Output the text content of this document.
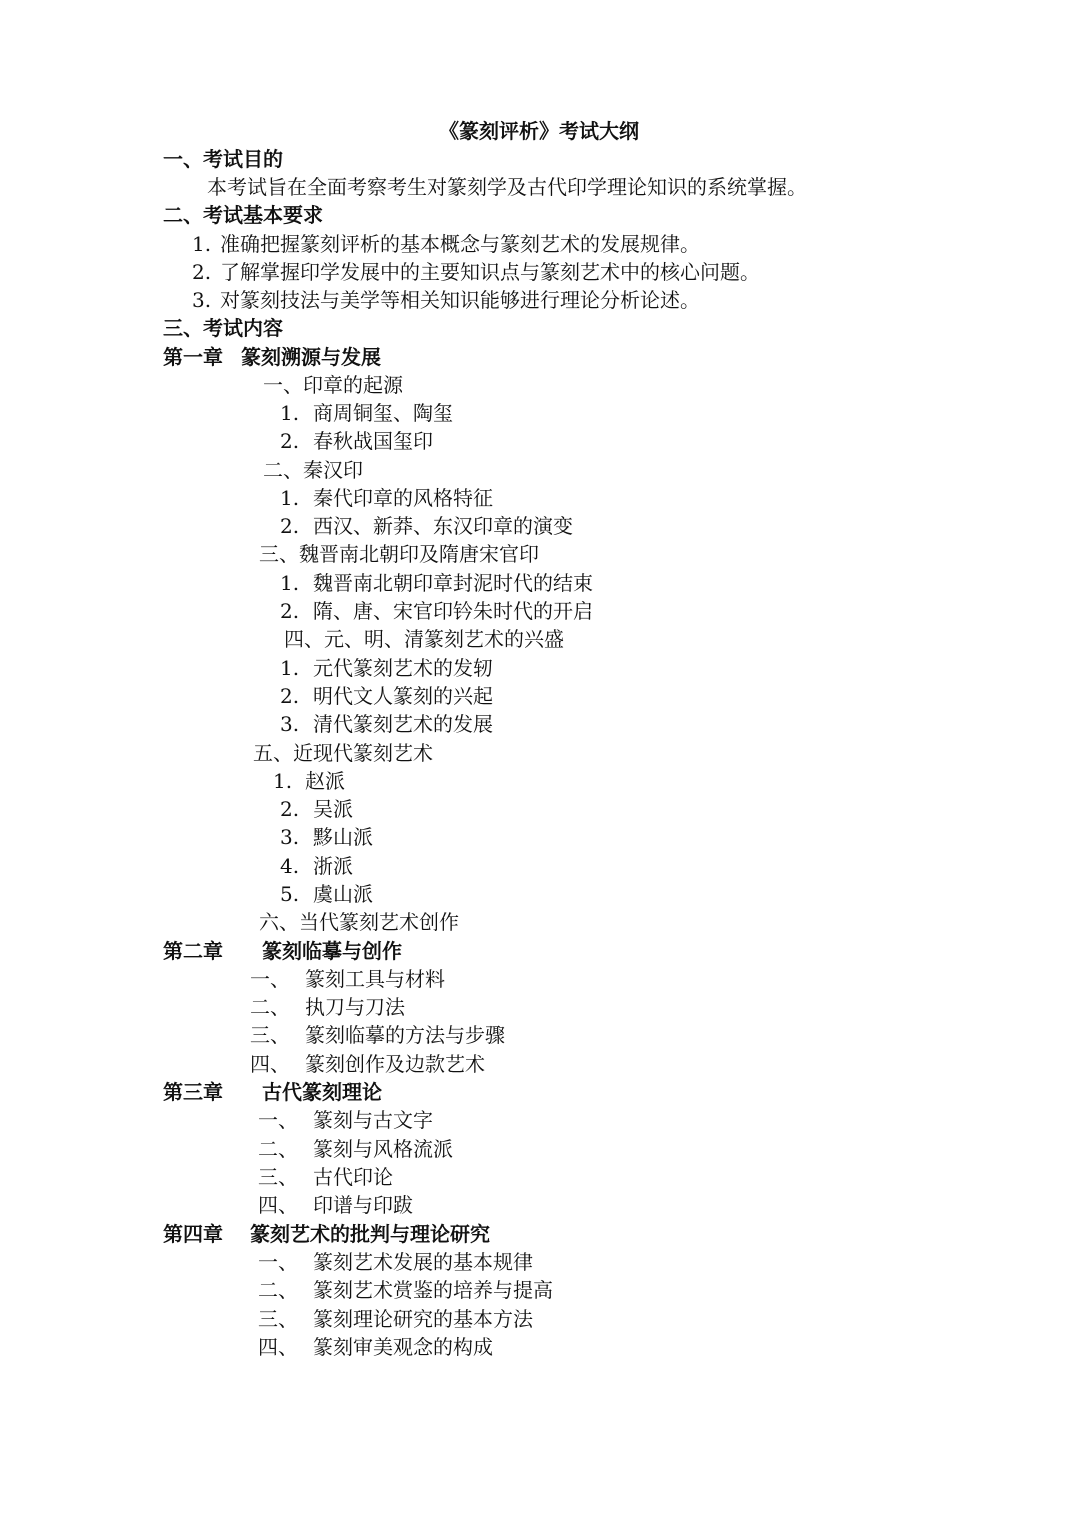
《篆刻评析》考试大纲
一、考试目的
本考试旨在全面考察考生对篆刻学及古代印学理论知识的系统掌握。
二、考试基本要求
1. 准确把握篆刻评析的基本概念与篆刻艺术的发展规律。
2. 了解掌握印学发展中的主要知识点与篆刻艺术中的核心问题。
3. 对篆刻技法与美学等相关知识能够进行理论分析论述。
三、考试内容
第一章 篆刻溯源与发展
一、印章的起源
1. 商周铜玺、陶玺
2. 春秋战国玺印
二、秦汉印
1. 秦代印章的风格特征
2. 西汉、新莽、东汉印章的演变
三、魏晋南北朝印及隋唐宋官印
1. 魏晋南北朝印章封泥时代的结束
2. 隋、唐、宋官印钤朱时代的开启
四、元、明、清篆刻艺术的兴盛
1. 元代篆刻艺术的发轫
2. 明代文人篆刻的兴起
3. 清代篆刻艺术的发展
五、近现代篆刻艺术
1. 赵派
2. 吴派
3. 黟山派
4. 浙派
5. 虞山派
六、当代篆刻艺术创作
第二章 篆刻临摹与创作
一、 篆刻工具与材料
二、 执刀与刀法
三、 篆刻临摹的方法与步骤
四、 篆刻创作及边款艺术
第三章 古代篆刻理论
一、 篆刻与古文字
二、 篆刻与风格流派
三、 古代印论
四、 印谱与印跋
第四章 篆刻艺术的批判与理论研究
一、 篆刻艺术发展的基本规律
二、 篆刻艺术赏鉴的培养与提高
三、 篆刻理论研究的基本方法
四、 篆刻审美观念的构成
